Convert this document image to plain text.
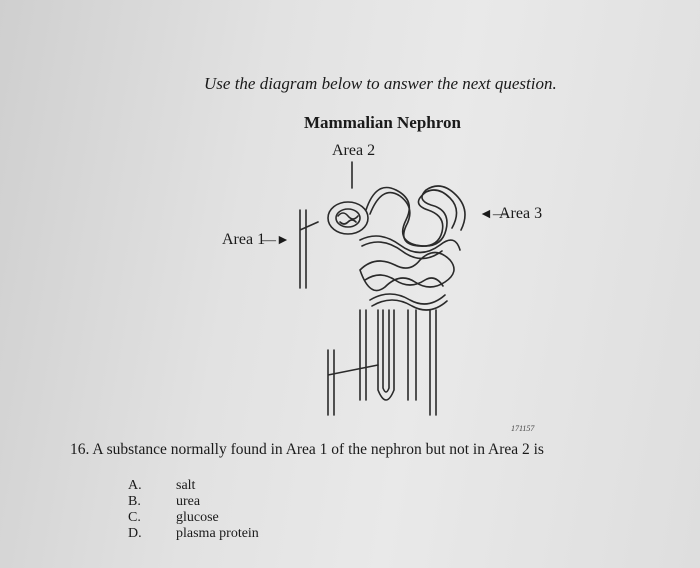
Use the diagram below to answer the next question.
Mammalian Nephron
Area 2
Area 1
—►
Area 3
◄—
171157
16. A substance normally found in Area 1 of the nephron but not in Area 2 is
A. salt
B.	urea
C.	glucose
D. plasma protein
